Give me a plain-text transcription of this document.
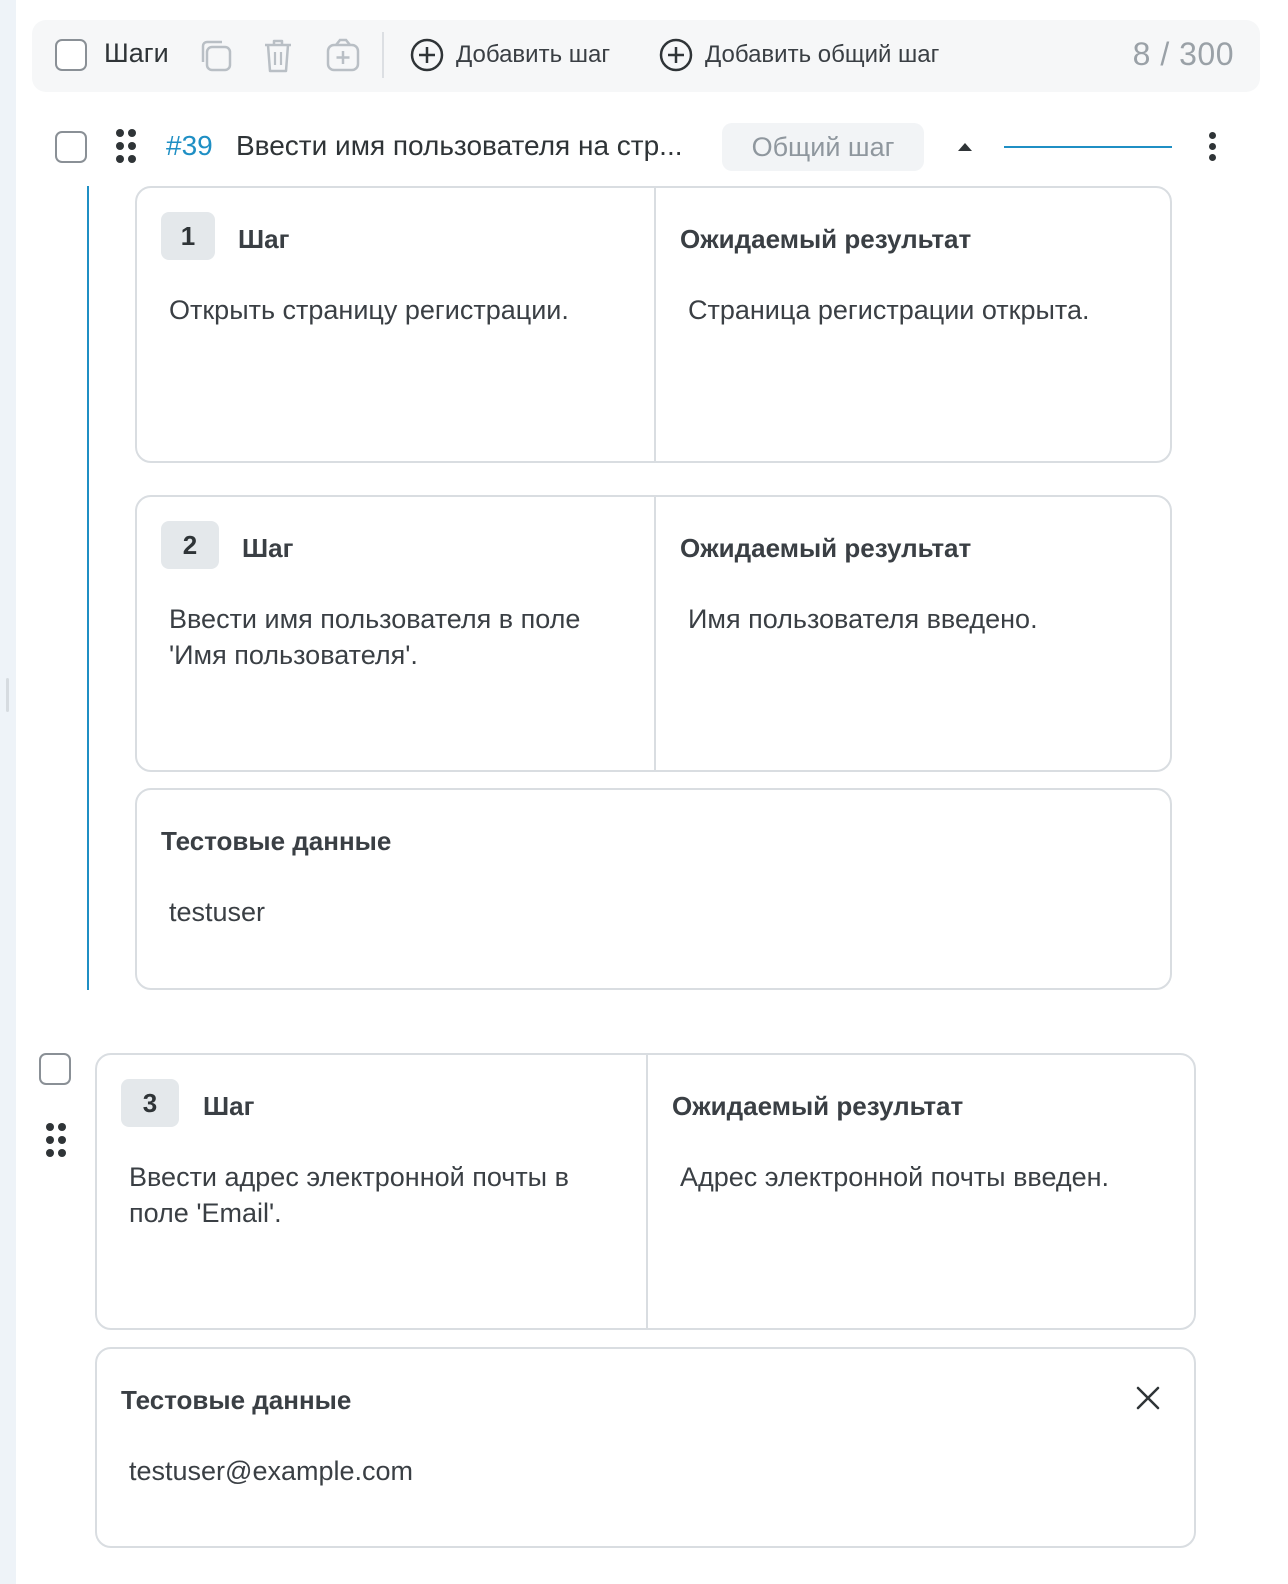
Шаги	Добавить шаг	Добавить общий шаг	8 / 300
#39 Ввести имя пользователя на стр...	Общий шаг
1	Шаг
Открыть страницу регистрации.
Ожидаемый результат
Страница регистрации открыта.
2	Шаг
Ввести имя пользователя в поле 'Имя пользователя'.
Ожидаемый результат
Имя пользователя введено.
Тестовые данные
testuser
3	Шаг
Ввести адрес электронной почты в поле 'Email'.
Ожидаемый результат
Адрес электронной почты введен.
Тестовые данные
testuser@example.com
